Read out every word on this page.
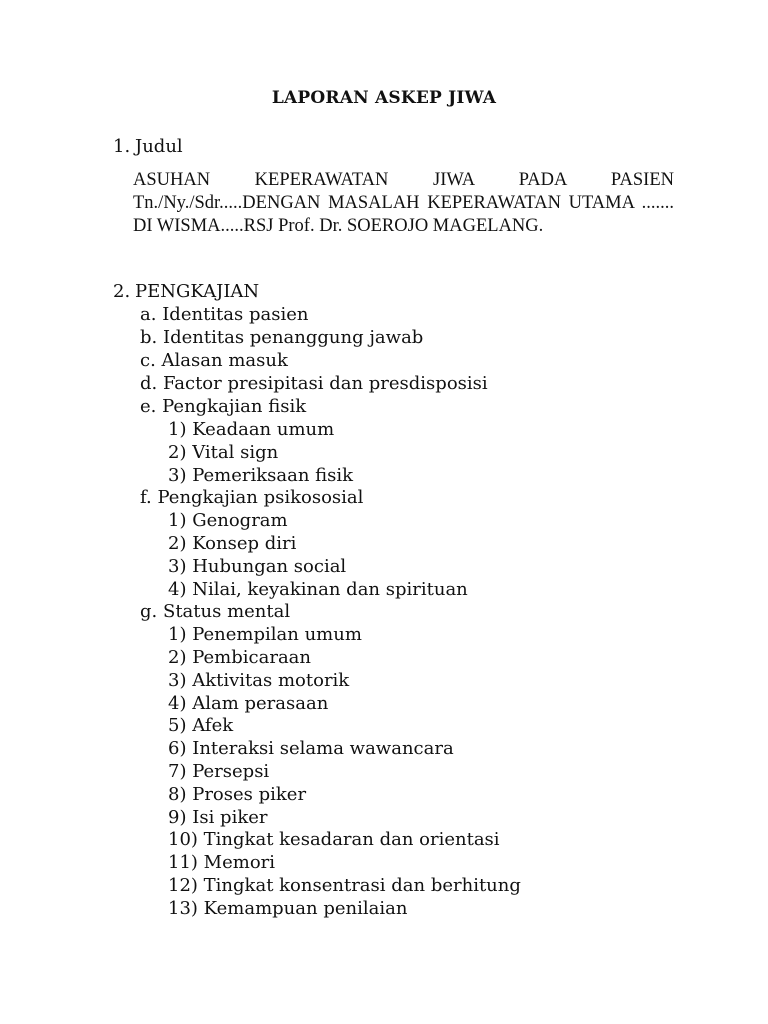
LAPORAN ASKEP JIWA
1. Judul
ASUHAN KEPERAWATAN JIWA PADA PASIEN Tn./Ny./Sdr.....DENGAN MASALAH KEPERAWATAN UTAMA ....... DI WISMA.....RSJ Prof. Dr. SOEROJO MAGELANG.
2. PENGKAJIAN
a. Identitas pasien
b. Identitas penanggung jawab
c. Alasan masuk
d. Factor presipitasi dan presdisposisi
e. Pengkajian fisik
1) Keadaan umum
2) Vital sign
3) Pemeriksaan fisik
f. Pengkajian psikososial
1) Genogram
2) Konsep diri
3) Hubungan social
4) Nilai, keyakinan dan spirituan
g. Status mental
1) Penempilan umum
2) Pembicaraan
3) Aktivitas motorik
4) Alam perasaan
5) Afek
6) Interaksi selama wawancara
7) Persepsi
8) Proses piker
9) Isi piker
10) Tingkat kesadaran dan orientasi
11) Memori
12) Tingkat konsentrasi dan berhitung
13) Kemampuan penilaian
